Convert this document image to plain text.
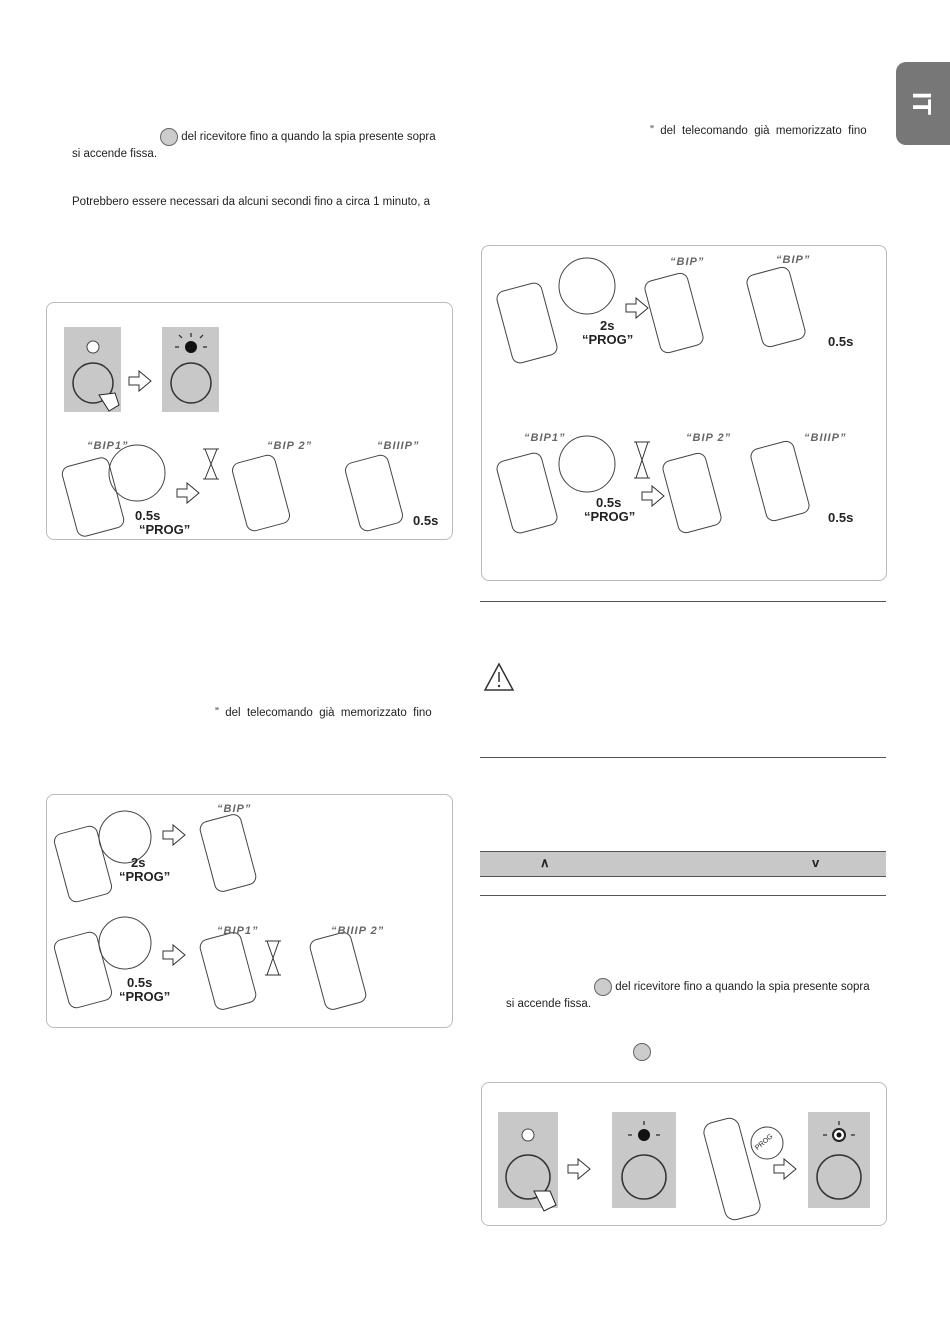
IT
del ricevitore fino a quando la spia presente sopra
si accende fissa.
Potrebbero essere necessari da alcuni secondi fino a circa 1 minuto, a
”  del  telecomando  già  memorizzato  fino
“BIP1”	“BIP 2”	“BIIIP”
0.5s
“PROG”
0.5s
“BIP”
2s
“PROG”
“BIP1”	“BIIIP 2”
0.5s
“PROG”
”  del  telecomando  già  memorizzato  fino
“BIP”	“BIP”
2s
“PROG”	0.5s
“BIP1”	“BIP 2”	“BIIIP”
0.5s
“PROG”	0.5s
∧	v
del ricevitore fino a quando la spia presente sopra
si accende fissa.
PROG
